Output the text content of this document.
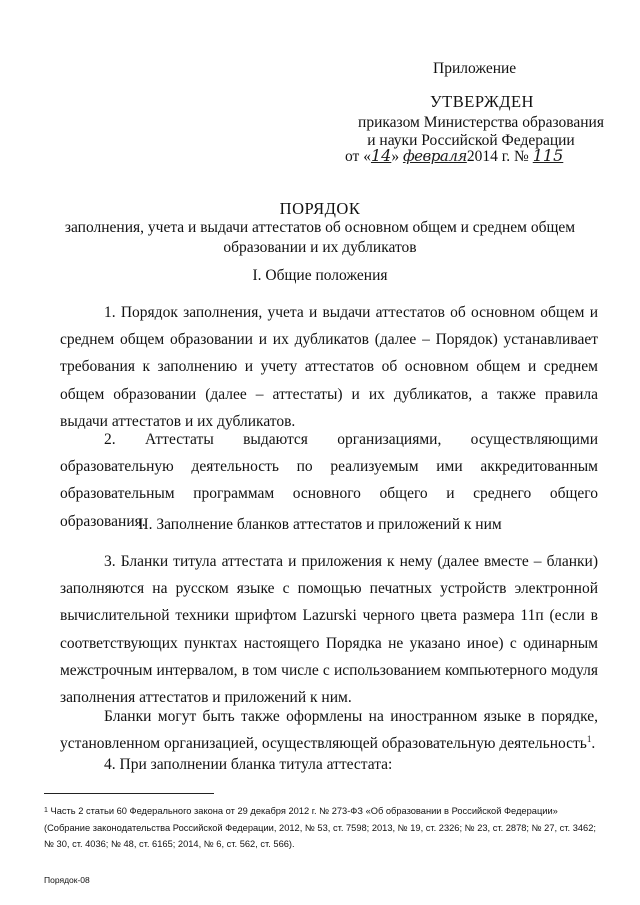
Приложение
УТВЕРЖДЕН
приказом Министерства образования
и науки Российской Федерации
от «14» февраля2014 г. № 115
ПОРЯДОК
заполнения, учета и выдачи аттестатов об основном общем и среднем общем образовании и их дубликатов
I. Общие положения
1. Порядок заполнения, учета и выдачи аттестатов об основном общем и среднем общем образовании и их дубликатов (далее – Порядок) устанавливает требования к заполнению и учету аттестатов об основном общем и среднем общем образовании (далее – аттестаты) и их дубликатов, а также правила выдачи аттестатов и их дубликатов.
2. Аттестаты выдаются организациями, осуществляющими образовательную деятельность по реализуемым ими аккредитованным образовательным программам основного общего и среднего общего образования.
II. Заполнение бланков аттестатов и приложений к ним
3. Бланки титула аттестата и приложения к нему (далее вместе – бланки) заполняются на русском языке с помощью печатных устройств электронной вычислительной техники шрифтом Lazurski черного цвета размера 11п (если в соответствующих пунктах настоящего Порядка не указано иное) с одинарным межстрочным интервалом, в том числе с использованием компьютерного модуля заполнения аттестатов и приложений к ним.
Бланки могут быть также оформлены на иностранном языке в порядке, установленном организацией, осуществляющей образовательную деятельность$^1$.
4. При заполнении бланка титула аттестата:
$^1$ Часть 2 статьи 60 Федерального закона от 29 декабря 2012 г. № 273-ФЗ «Об образовании в Российской Федерации» (Собрание законодательства Российской Федерации, 2012, № 53, ст. 7598; 2013, № 19, ст. 2326; № 23, ст. 2878; № 27, ст. 3462; № 30, ст. 4036; № 48, ст. 6165; 2014, № 6, ст. 562, ст. 566).
Порядок-08
